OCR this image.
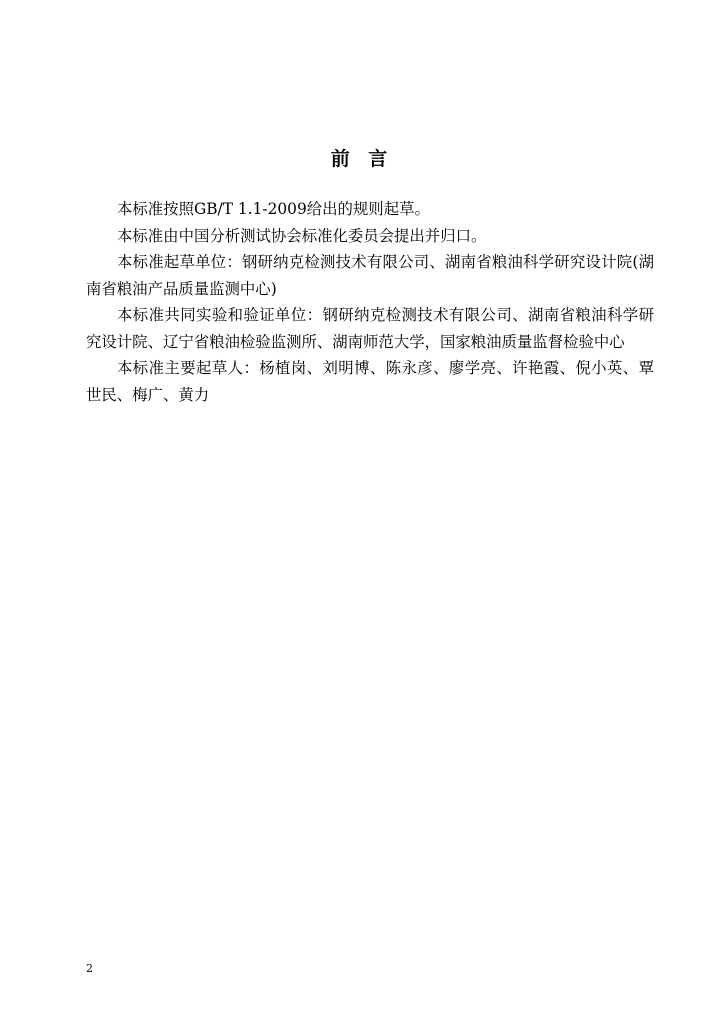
前 言

本标准按照GB/T 1.1-2009给出的规则起草。

本标准由中国分析测试协会标准化委员会提出并归口。

本标准起草单位：钢研纳克检测技术有限公司、湖南省粮油科学研究设计院(湖南省粮油产品质量监测中心)

本标准共同实验和验证单位：钢研纳克检测技术有限公司、湖南省粮油科学研究设计院、辽宁省粮油检验监测所、湖南师范大学，国家粮油质量监督检验中心

本标准主要起草人：杨植岗、刘明博、陈永彦、廖学亮、许艳霞、倪小英、覃世民、梅广、黄力

2
